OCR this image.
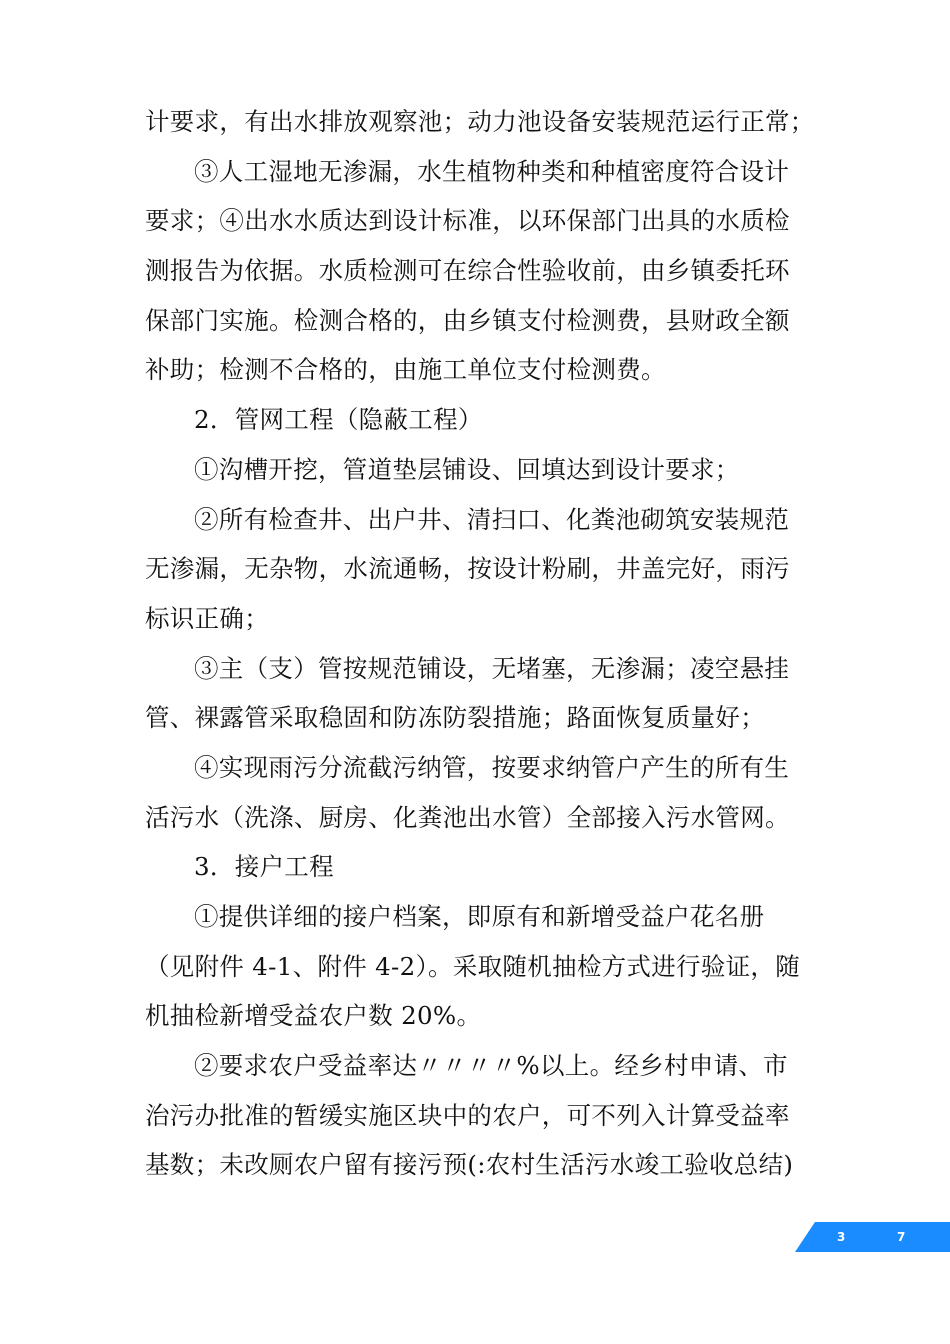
计要求，有出水排放观察池；动力池设备安装规范运行正常；
③人工湿地无渗漏，水生植物种类和种植密度符合设计
要求；④出水水质达到设计标准，以环保部门出具的水质检
测报告为依据。水质检测可在综合性验收前，由乡镇委托环
保部门实施。检测合格的，由乡镇支付检测费，县财政全额
补助；检测不合格的，由施工单位支付检测费。
2．管网工程（隐蔽工程）
①沟槽开挖，管道垫层铺设、回填达到设计要求；
②所有检查井、出户井、清扫口、化粪池砌筑安装规范
无渗漏，无杂物，水流通畅，按设计粉刷，井盖完好，雨污
标识正确；
③主（支）管按规范铺设，无堵塞，无渗漏；凌空悬挂
管、裸露管采取稳固和防冻防裂措施；路面恢复质量好；
④实现雨污分流截污纳管，按要求纳管户产生的所有生
活污水（洗涤、厨房、化粪池出水管）全部接入污水管网。
3．接户工程
①提供详细的接户档案，即原有和新增受益户花名册
（见附件 4-1、附件 4-2）。采取随机抽检方式进行验证，随
机抽检新增受益农户数 20%。
②要求农户受益率达〃〃〃〃%以上。经乡村申请、市
治污办批准的暂缓实施区块中的农户，可不列入计算受益率
基数；未改厕农户留有接污预(:农村生活污水竣工验收总结)
3	7
